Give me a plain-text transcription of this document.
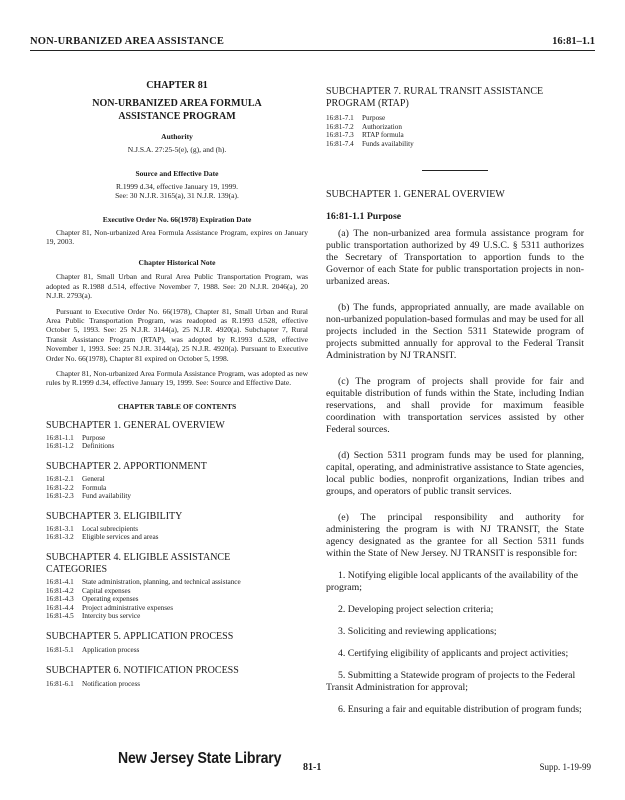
NON-URBANIZED AREA ASSISTANCE	16:81–1.1

CHAPTER 81

NON-URBANIZED AREA FORMULA ASSISTANCE PROGRAM

Authority

N.J.S.A. 27:25-5(e), (g), and (h).

Source and Effective Date

R.1999 d.34, effective January 19, 1999.

See: 30 N.J.R. 3165(a), 31 N.J.R. 139(a).

Executive Order No. 66(1978) Expiration Date

Chapter 81, Non-urbanized Area Formula Assistance Program, expires on January 19, 2003.

Chapter Historical Note

Chapter 81, Small Urban and Rural Area Public Transportation Program, was adopted as R.1988 d.514, effective November 7, 1988. See: 20 N.J.R. 2046(a), 20 N.J.R. 2793(a).

Pursuant to Executive Order No. 66(1978), Chapter 81, Small Urban and Rural Area Public Transportation Program, was readopted as R.1993 d.528, effective October 5, 1993. See: 25 N.J.R. 3144(a), 25 N.J.R. 4920(a). Subchapter 7, Rural Transit Assistance Program (RTAP), was adopted by R.1993 d.528, effective November 1, 1993. See: 25 N.J.R. 3144(a), 25 N.J.R. 4920(a). Pursuant to Executive Order No. 66(1978), Chapter 81 expired on October 5, 1998.

Chapter 81, Non-urbanized Area Formula Assistance Program, was adopted as new rules by R.1999 d.34, effective January 19, 1999. See: Source and Effective Date.

CHAPTER TABLE OF CONTENTS

SUBCHAPTER 1. GENERAL OVERVIEW

16:81-1.1	Purpose
16:81-1.2	Definitions

SUBCHAPTER 2. APPORTIONMENT

16:81-2.1	General
16:81-2.2	Formula
16:81-2.3	Fund availability

SUBCHAPTER 3. ELIGIBILITY

16:81-3.1	Local subrecipients
16:81-3.2	Eligible services and areas

SUBCHAPTER 4. ELIGIBLE ASSISTANCE CATEGORIES

16:81-4.1	State administration, planning, and technical assistance
16:81-4.2	Capital expenses
16:81-4.3	Operating expenses
16:81-4.4	Project administrative expenses
16:81-4.5	Intercity bus service

SUBCHAPTER 5. APPLICATION PROCESS

16:81-5.1	Application process

SUBCHAPTER 6. NOTIFICATION PROCESS

16:81-6.1	Notification process

SUBCHAPTER 7. RURAL TRANSIT ASSISTANCE PROGRAM (RTAP)

16:81-7.1	Purpose
16:81-7.2	Authorization
16:81-7.3	RTAP formula
16:81-7.4	Funds availability

SUBCHAPTER 1. GENERAL OVERVIEW

16:81-1.1 Purpose

(a) The non-urbanized area formula assistance program for public transportation authorized by 49 U.S.C. § 5311 authorizes the Secretary of Transportation to apportion funds to the Governor of each State for public transportation projects in non-urbanized areas.

(b) The funds, appropriated annually, are made available on non-urbanized population-based formulas and may be used for all projects included in the Section 5311 Statewide program of projects submitted annually for approval to the Federal Transit Administration by NJ TRANSIT.

(c) The program of projects shall provide for fair and equitable distribution of funds within the State, including Indian reservations, and shall provide for maximum feasible coordination with transportation services assisted by other Federal sources.

(d) Section 5311 program funds may be used for planning, capital, operating, and administrative assistance to State agencies, local public bodies, nonprofit organizations, Indian tribes and groups, and operators of public transit services.

(e) The principal responsibility and authority for administering the program is with NJ TRANSIT, the State agency designated as the grantee for all Section 5311 funds within the State of New Jersey. NJ TRANSIT is responsible for:

1. Notifying eligible local applicants of the availability of the program;

2. Developing project selection criteria;

3. Soliciting and reviewing applications;

4. Certifying eligibility of applicants and project activities;

5. Submitting a Statewide program of projects to the Federal Transit Administration for approval;

6. Ensuring a fair and equitable distribution of program funds;

New Jersey State Library
81-1	Supp. 1-19-99
